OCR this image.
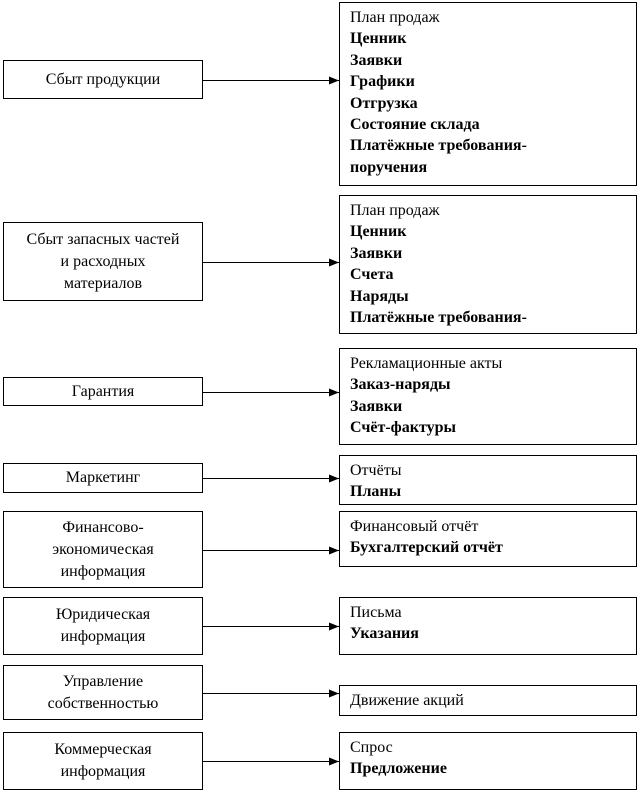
Сбыт продукции
План продаж
Ценник
Заявки
Графики
Отгрузка
Состояние склада
Платёжные требования-
поручения
Сбыт запасных частей
и расходных
материалов
План продаж
Ценник
Заявки
Счета
Наряды
Платёжные требования-
Гарантия
Рекламационные акты
Заказ-наряды
Заявки
Счёт-фактуры
Маркетинг	Отчёты
Планы
Финансово-
экономическая
информация
Финансовый отчёт
Бухгалтерский отчёт
Юридическая
информация
Письма
Указания
Управление
собственностью	Движение акций
Коммерческая
информация
Спрос
Предложение
